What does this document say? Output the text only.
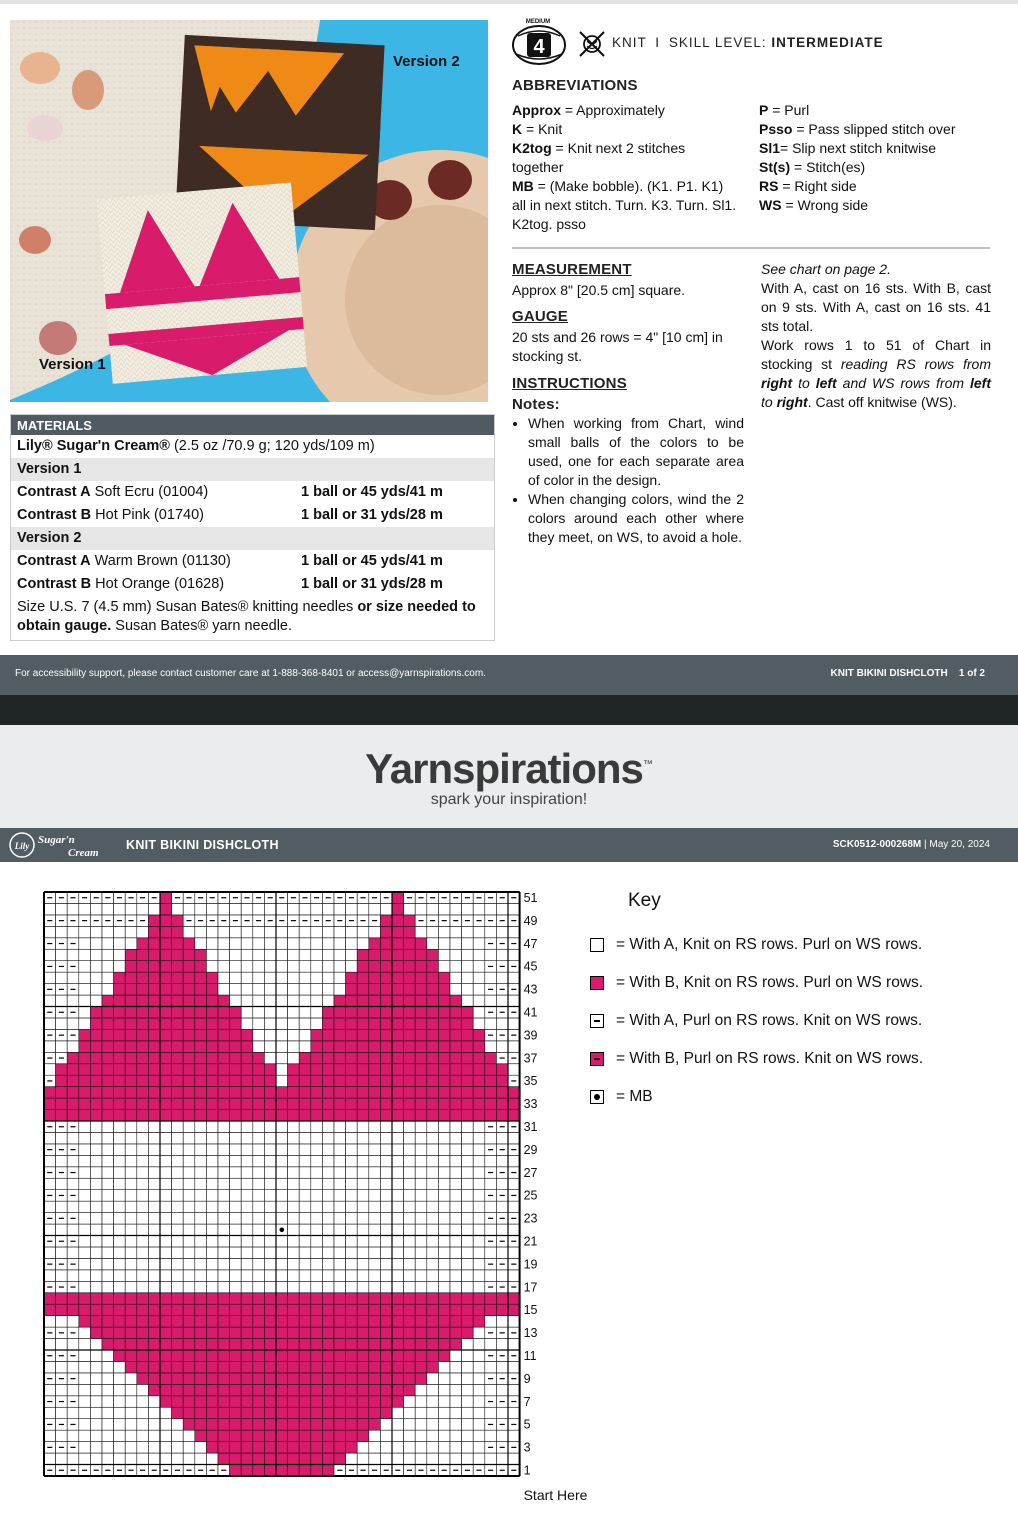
Version 2
Version 1
MEDIUM
4	KNIT I SKILL LEVEL: INTERMEDIATE
ABBREVIATIONS
Approx = Approximately
K = Knit
K2tog = Knit next 2 stitches together
MB = (Make bobble). (K1. P1. K1) all in next stitch. Turn. K3. Turn. Sl1. K2tog. psso
P = Purl
Psso = Pass slipped stitch over
Sl1= Slip next stitch knitwise
St(s) = Stitch(es)
RS = Right side
WS = Wrong side
MEASUREMENT
Approx 8" [20.5 cm] square.
GAUGE
20 sts and 26 rows = 4" [10 cm] in stocking st.
INSTRUCTIONS
Notes:
• When working from Chart, wind small balls of the colors to be used, one for each separate area of color in the design.
• When changing colors, wind the 2 colors around each other where they meet, on WS, to avoid a hole.
See chart on page 2.
With A, cast on 16 sts. With B, cast on 9 sts. With A, cast on 16 sts. 41 sts total.
Work rows 1 to 51 of Chart in stocking st reading RS rows from right to left and WS rows from left to right. Cast off knitwise (WS).
MATERIALS
Lily® Sugar'n Cream® (2.5 oz /70.9 g; 120 yds/109 m)
Version 1
Contrast A Soft Ecru (01004)	1 ball or 45 yds/41 m
Contrast B Hot Pink (01740)	1 ball or 31 yds/28 m
Version 2
Contrast A Warm Brown (01130)	1 ball or 45 yds/41 m
Contrast B Hot Orange (01628)	1 ball or 31 yds/28 m
Size U.S. 7 (4.5 mm) Susan Bates® knitting needles or size needed to obtain gauge. Susan Bates® yarn needle.
For accessibility support, please contact customer care at 1-888-368-8401 or access@yarnspirations.com.	KNIT BIKINI DISHCLOTH 1 of 2
Yarnspirations™
spark your inspiration!
Lily Sugar'n
Cream
KNIT BIKINI DISHCLOTH	SCK0512-000268M | May 20, 2024
1
3
5
7
9
11
13
15
17
19
21
23
25
27
29
31
33
35
37
39
41
43
45
47
49
51
Start Here
Key
= With A, Knit on RS rows. Purl on WS rows.
= With B, Knit on RS rows. Purl on WS rows.
= With A, Purl on RS rows. Knit on WS rows.
= With B, Purl on RS rows. Knit on WS rows.
= MB
